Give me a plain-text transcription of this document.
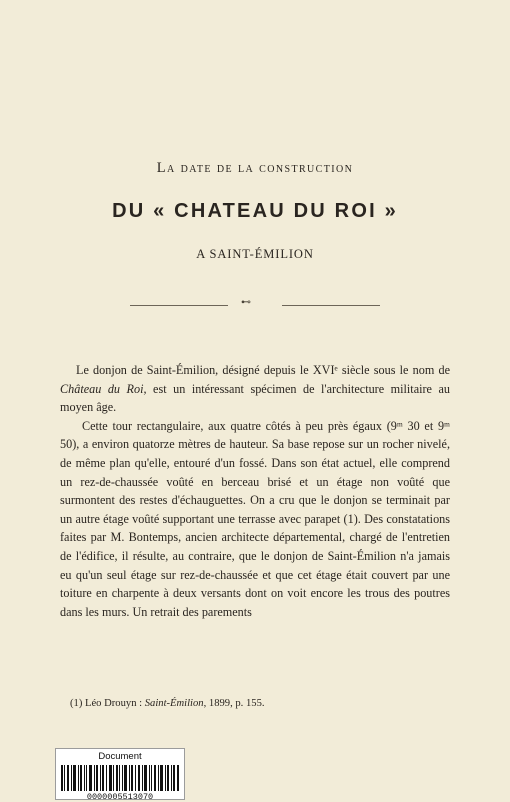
La date de la construction
DU « CHATEAU DU ROI »
A SAINT-ÉMILION
⊷

Le donjon de Saint-Émilion, désigné depuis le XVIᵉ siècle sous le nom de Château du Roi, est un intéressant spécimen de l'architecture militaire au moyen âge.

Cette tour rectangulaire, aux quatre côtés à peu près égaux (9ᵐ 30 et 9ᵐ 50), a environ quatorze mètres de hauteur. Sa base repose sur un rocher nivelé, de même plan qu'elle, entouré d'un fossé. Dans son état actuel, elle comprend un rez-de-chaussée voûté en berceau brisé et un étage non voûté que surmontent des restes d'échauguettes. On a cru que le donjon se terminait par un autre étage voûté supportant une terrasse avec parapet (1). Des constatations faites par M. Bontemps, ancien architecte départemental, chargé de l'entretien de l'édifice, il résulte, au contraire, que le donjon de Saint-Émilion n'a jamais eu qu'un seul étage sur rez-de-chaussée et que cet étage était couvert par une toiture en charpente à deux versants dont on voit encore les trous des poutres dans les murs. Un retrait des parements

(1) Léo Drouyn : Saint-Émilion, 1899, p. 155.
Document
0000005513070
